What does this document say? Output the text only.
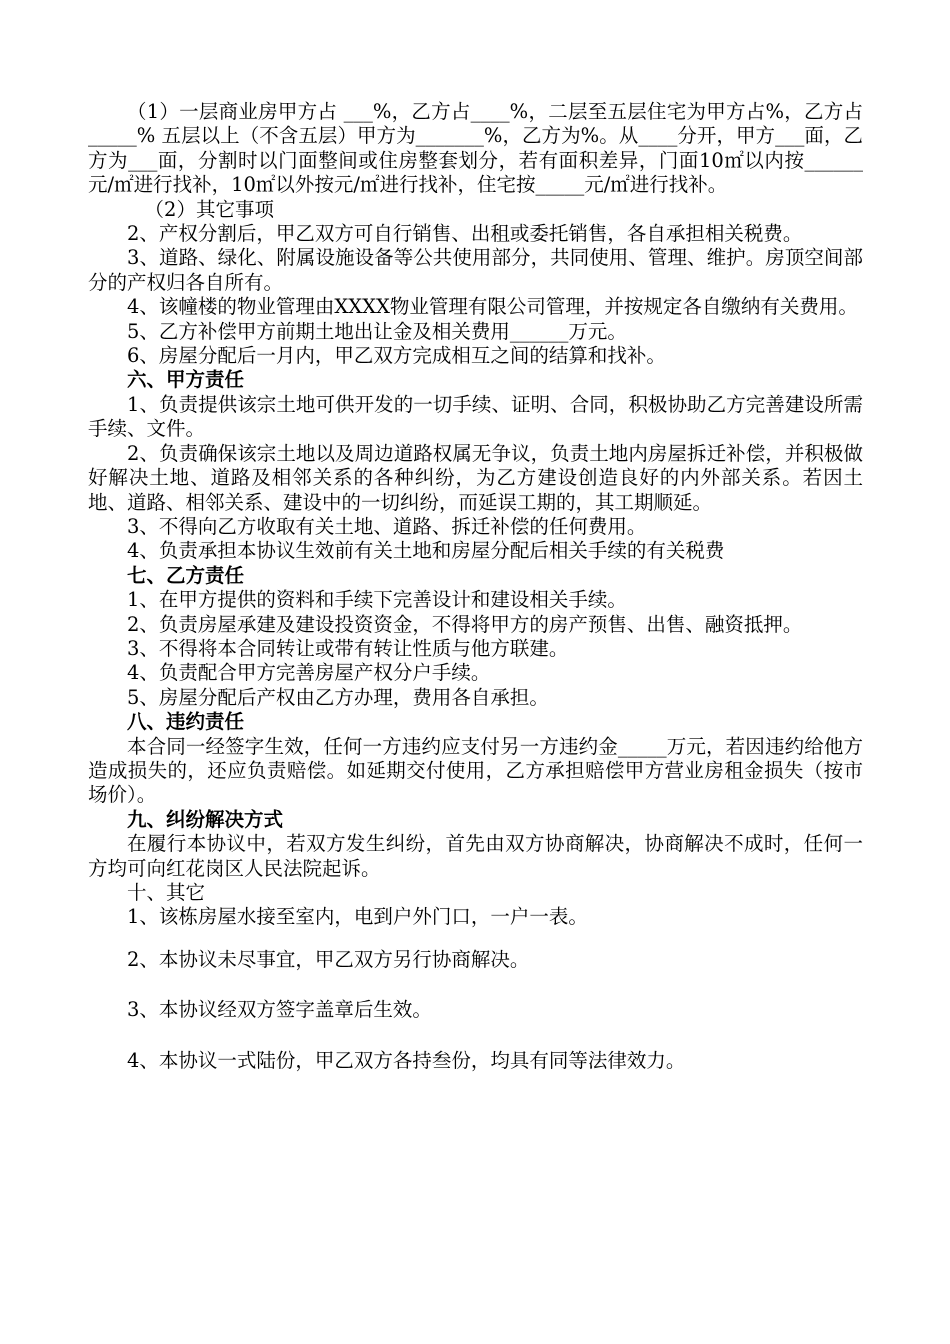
（1）一层商业房甲方占 ___%，乙方占____%，二层至五层住宅为甲方占%，乙方占_____% 五层以上（不含五层）甲方为_______%，乙方为%。从____分开，甲方___面，乙方为___面，分割时以门面整间或住房整套划分，若有面积差异，门面10㎡以内按______元/㎡进行找补，10㎡以外按元/㎡进行找补，住宅按_____元/㎡进行找补。

（2）其它事项

2、产权分割后，甲乙双方可自行销售、出租或委托销售，各自承担相关税费。

3、道路、绿化、附属设施设备等公共使用部分，共同使用、管理、维护。房顶空间部分的产权归各自所有。

4、该幢楼的物业管理由XXXX物业管理有限公司管理，并按规定各自缴纳有关费用。

5、乙方补偿甲方前期土地出让金及相关费用______万元。

6、房屋分配后一月内，甲乙双方完成相互之间的结算和找补。

六、甲方责任

1、负责提供该宗土地可供开发的一切手续、证明、合同，积极协助乙方完善建设所需手续、文件。

2、负责确保该宗土地以及周边道路权属无争议，负责土地内房屋拆迁补偿，并积极做好解决土地、道路及相邻关系的各种纠纷，为乙方建设创造良好的内外部关系。若因土地、道路、相邻关系、建设中的一切纠纷，而延误工期的，其工期顺延。

3、不得向乙方收取有关土地、道路、拆迁补偿的任何费用。

4、负责承担本协议生效前有关土地和房屋分配后相关手续的有关税费

七、乙方责任

1、在甲方提供的资料和手续下完善设计和建设相关手续。

2、负责房屋承建及建设投资资金，不得将甲方的房产预售、出售、融资抵押。

3、不得将本合同转让或带有转让性质与他方联建。

4、负责配合甲方完善房屋产权分户手续。

5、房屋分配后产权由乙方办理，费用各自承担。

八、违约责任

本合同一经签字生效，任何一方违约应支付另一方违约金_____万元，若因违约给他方造成损失的，还应负责赔偿。如延期交付使用，乙方承担赔偿甲方营业房租金损失（按市场价）。

九、纠纷解决方式

在履行本协议中，若双方发生纠纷，首先由双方协商解决，协商解决不成时，任何一方均可向红花岗区人民法院起诉。

十、其它

1、该栋房屋水接至室内，电到户外门口，一户一表。

2、本协议未尽事宜，甲乙双方另行协商解决。

3、本协议经双方签字盖章后生效。

4、本协议一式陆份，甲乙双方各持叁份，均具有同等法律效力。
